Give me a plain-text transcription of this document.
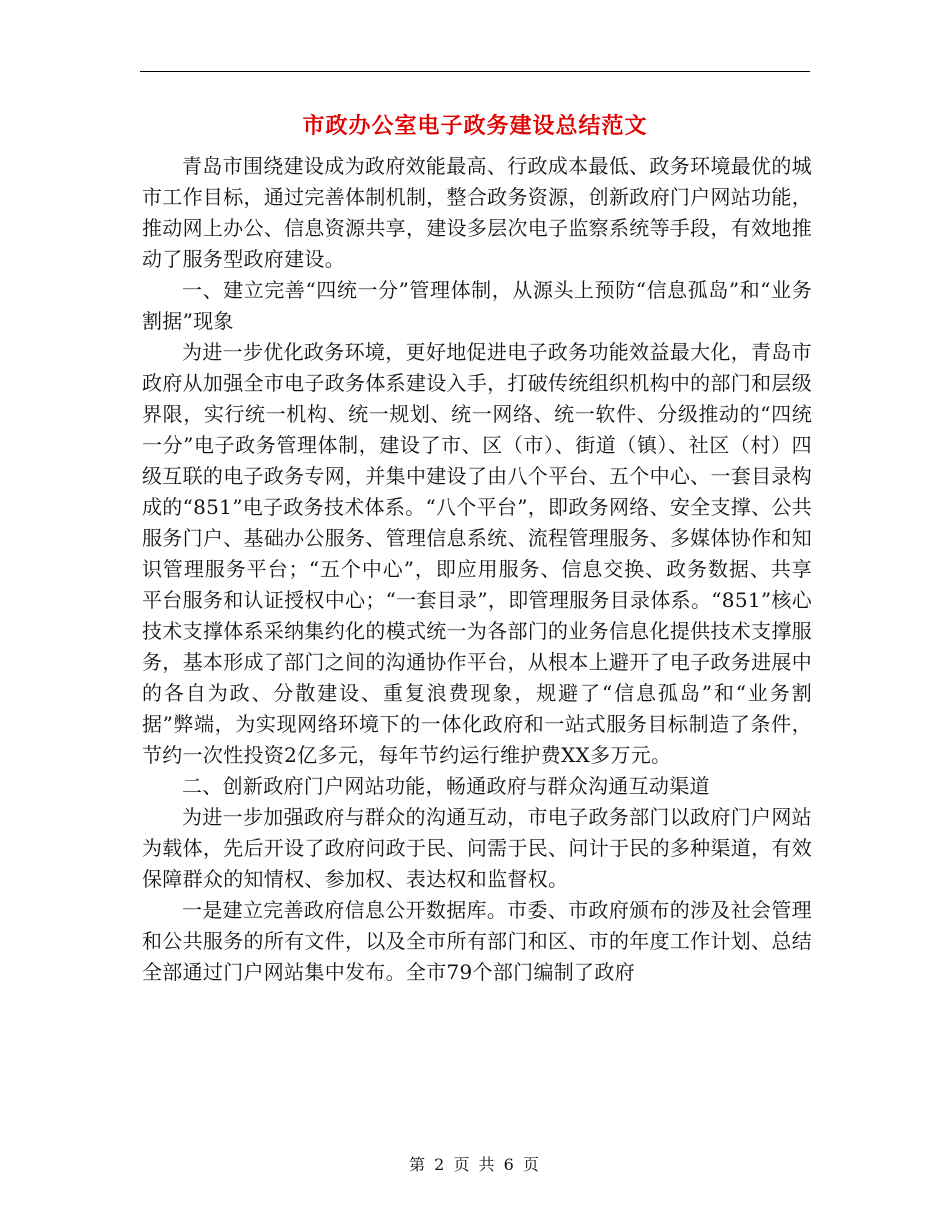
市政办公室电子政务建设总结范文

青岛市围绕建设成为政府效能最高、行政成本最低、政务环境最优的城市工作目标，通过完善体制机制，整合政务资源，创新政府门户网站功能，推动网上办公、信息资源共享，建设多层次电子监察系统等手段，有效地推动了服务型政府建设。

一、建立完善“四统一分”管理体制，从源头上预防“信息孤岛”和“业务割据”现象

为进一步优化政务环境，更好地促进电子政务功能效益最大化，青岛市政府从加强全市电子政务体系建设入手，打破传统组织机构中的部门和层级界限，实行统一机构、统一规划、统一网络、统一软件、分级推动的“四统一分”电子政务管理体制，建设了市、区（市）、街道（镇）、社区（村）四级互联的电子政务专网，并集中建设了由八个平台、五个中心、一套目录构成的“851”电子政务技术体系。“八个平台”，即政务网络、安全支撑、公共服务门户、基础办公服务、管理信息系统、流程管理服务、多媒体协作和知识管理服务平台；“五个中心”，即应用服务、信息交换、政务数据、共享平台服务和认证授权中心；“一套目录”，即管理服务目录体系。“851”核心技术支撑体系采纳集约化的模式统一为各部门的业务信息化提供技术支撑服务，基本形成了部门之间的沟通协作平台，从根本上避开了电子政务进展中的各自为政、分散建设、重复浪费现象，规避了“信息孤岛”和“业务割据”弊端，为实现网络环境下的一体化政府和一站式服务目标制造了条件，节约一次性投资2亿多元，每年节约运行维护费XX多万元。

二、创新政府门户网站功能，畅通政府与群众沟通互动渠道

为进一步加强政府与群众的沟通互动，市电子政务部门以政府门户网站为载体，先后开设了政府问政于民、问需于民、问计于民的多种渠道，有效保障群众的知情权、参加权、表达权和监督权。

一是建立完善政府信息公开数据库。市委、市政府颁布的涉及社会管理和公共服务的所有文件，以及全市所有部门和区、市的年度工作计划、总结全部通过门户网站集中发布。全市79个部门编制了政府

第 2 页 共 6 页
